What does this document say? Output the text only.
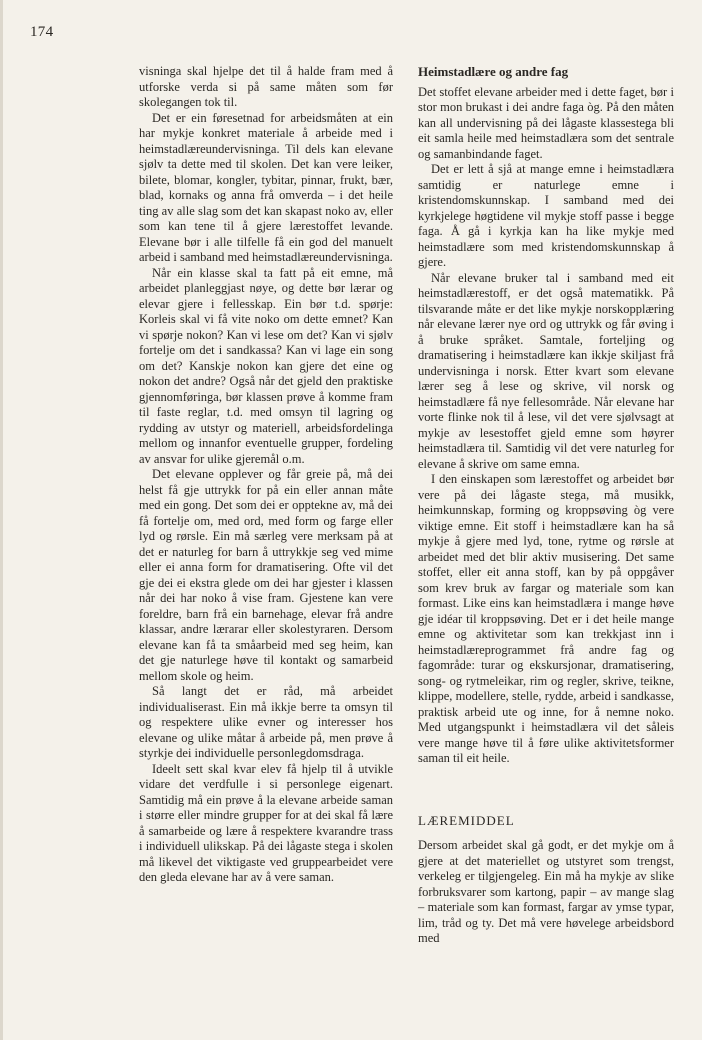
174

visninga skal hjelpe det til å halde fram med å utforske verda si på same måten som før skolegangen tok til.

Det er ein føresetnad for arbeidsmåten at ein har mykje konkret materiale å arbeide med i heimstadlæreundervisninga. Til dels kan elevane sjølv ta dette med til skolen. Det kan vere leiker, bilete, blomar, kongler, tybitar, pinnar, frukt, bær, blad, kornaks og anna frå omverda – i det heile ting av alle slag som det kan skapast noko av, eller som kan tene til å gjere lærestoffet levande. Elevane bør i alle tilfelle få ein god del manuelt arbeid i samband med heimstadlæreundervisninga.

Når ein klasse skal ta fatt på eit emne, må arbeidet planleggjast nøye, og dette bør lærar og elevar gjere i fellesskap. Ein bør t.d. spørje: Korleis skal vi få vite noko om dette emnet? Kan vi spørje nokon? Kan vi lese om det? Kan vi sjølv fortelje om det i sandkassa? Kan vi lage ein song om det? Kanskje nokon kan gjere det eine og nokon det andre? Også når det gjeld den praktiske gjennomføringa, bør klassen prøve å komme fram til faste reglar, t.d. med omsyn til lagring og rydding av utstyr og materiell, arbeidsfordelinga mellom og innanfor eventuelle grupper, fordeling av ansvar for ulike gjeremål o.m.

Det elevane opplever og får greie på, må dei helst få gje uttrykk for på ein eller annan måte med ein gong. Det som dei er opptekne av, må dei få fortelje om, med ord, med form og farge eller lyd og rørsle. Ein må særleg vere merksam på at det er naturleg for barn å uttrykkje seg ved mime eller ei anna form for dramatisering. Ofte vil det gje dei ei ekstra glede om dei har gjester i klassen når dei har noko å vise fram. Gjestene kan vere foreldre, barn frå ein barnehage, elevar frå andre klassar, andre lærarar eller skolestyraren. Dersom elevane kan få ta småarbeid med seg heim, kan det gje naturlege høve til kontakt og samarbeid mellom skole og heim.

Så langt det er råd, må arbeidet individualiserast. Ein må ikkje berre ta omsyn til og respektere ulike evner og interesser hos elevane og ulike måtar å arbeide på, men prøve å styrkje dei individuelle personlegdomsdraga.

Ideelt sett skal kvar elev få hjelp til å utvikle vidare det verdfulle i si personlege eigenart. Samtidig må ein prøve å la elevane arbeide saman i større eller mindre grupper for at dei skal få lære å samarbeide og lære å respektere kvarandre trass i individuell ulikskap. På dei lågaste stega i skolen må likevel det viktigaste ved gruppearbeidet vere den gleda elevane har av å vere saman.

Heimstadlære og andre fag

Det stoffet elevane arbeider med i dette faget, bør i stor mon brukast i dei andre faga òg. På den måten kan all undervisning på dei lågaste klassestega bli eit samla heile med heimstadlæra som det sentrale og samanbindande faget.

Det er lett å sjå at mange emne i heimstadlæra samtidig er naturlege emne i kristendomskunnskap. I samband med dei kyrkjelege høgtidene vil mykje stoff passe i begge faga. Å gå i kyrkja kan ha like mykje med heimstadlære som med kristendomskunnskap å gjere.

Når elevane bruker tal i samband med eit heimstadlærestoff, er det også matematikk. På tilsvarande måte er det like mykje norskopplæring når elevane lærer nye ord og uttrykk og får øving i å bruke språket. Samtale, forteljing og dramatisering i heimstadlære kan ikkje skiljast frå undervisninga i norsk. Etter kvart som elevane lærer seg å lese og skrive, vil norsk og heimstadlære få nye fellesområde. Når elevane har vorte flinke nok til å lese, vil det vere sjølvsagt at mykje av lesestoffet gjeld emne som høyrer heimstadlæra til. Samtidig vil det vere naturleg for elevane å skrive om same emna.

I den einskapen som lærestoffet og arbeidet bør vere på dei lågaste stega, må musikk, heimkunnskap, forming og kroppsøving òg vere viktige emne. Eit stoff i heimstadlære kan ha så mykje å gjere med lyd, tone, rytme og rørsle at arbeidet med det blir aktiv musisering. Det same stoffet, eller eit anna stoff, kan by på oppgåver som krev bruk av fargar og materiale som kan formast. Like eins kan heimstadlæra i mange høve gje idéar til kroppsøving. Det er i det heile mange emne og aktivitetar som kan trekkjast inn i heimstadlæreprogrammet frå andre fag og fagområde: turar og ekskursjonar, dramatisering, song- og rytmeleikar, rim og regler, skrive, teikne, klippe, modellere, stelle, rydde, arbeid i sandkasse, praktisk arbeid ute og inne, for å nemne noko. Med utgangspunkt i heimstadlæra vil det såleis vere mange høve til å føre ulike aktivitetsformer saman til eit heile.

LÆREMIDDEL

Dersom arbeidet skal gå godt, er det mykje om å gjere at det materiellet og utstyret som trengst, verkeleg er tilgjengeleg. Ein må ha mykje av slike forbruksvarer som kartong, papir – av mange slag – materiale som kan formast, fargar av ymse typar, lim, tråd og ty. Det må vere høvelege arbeidsbord med
